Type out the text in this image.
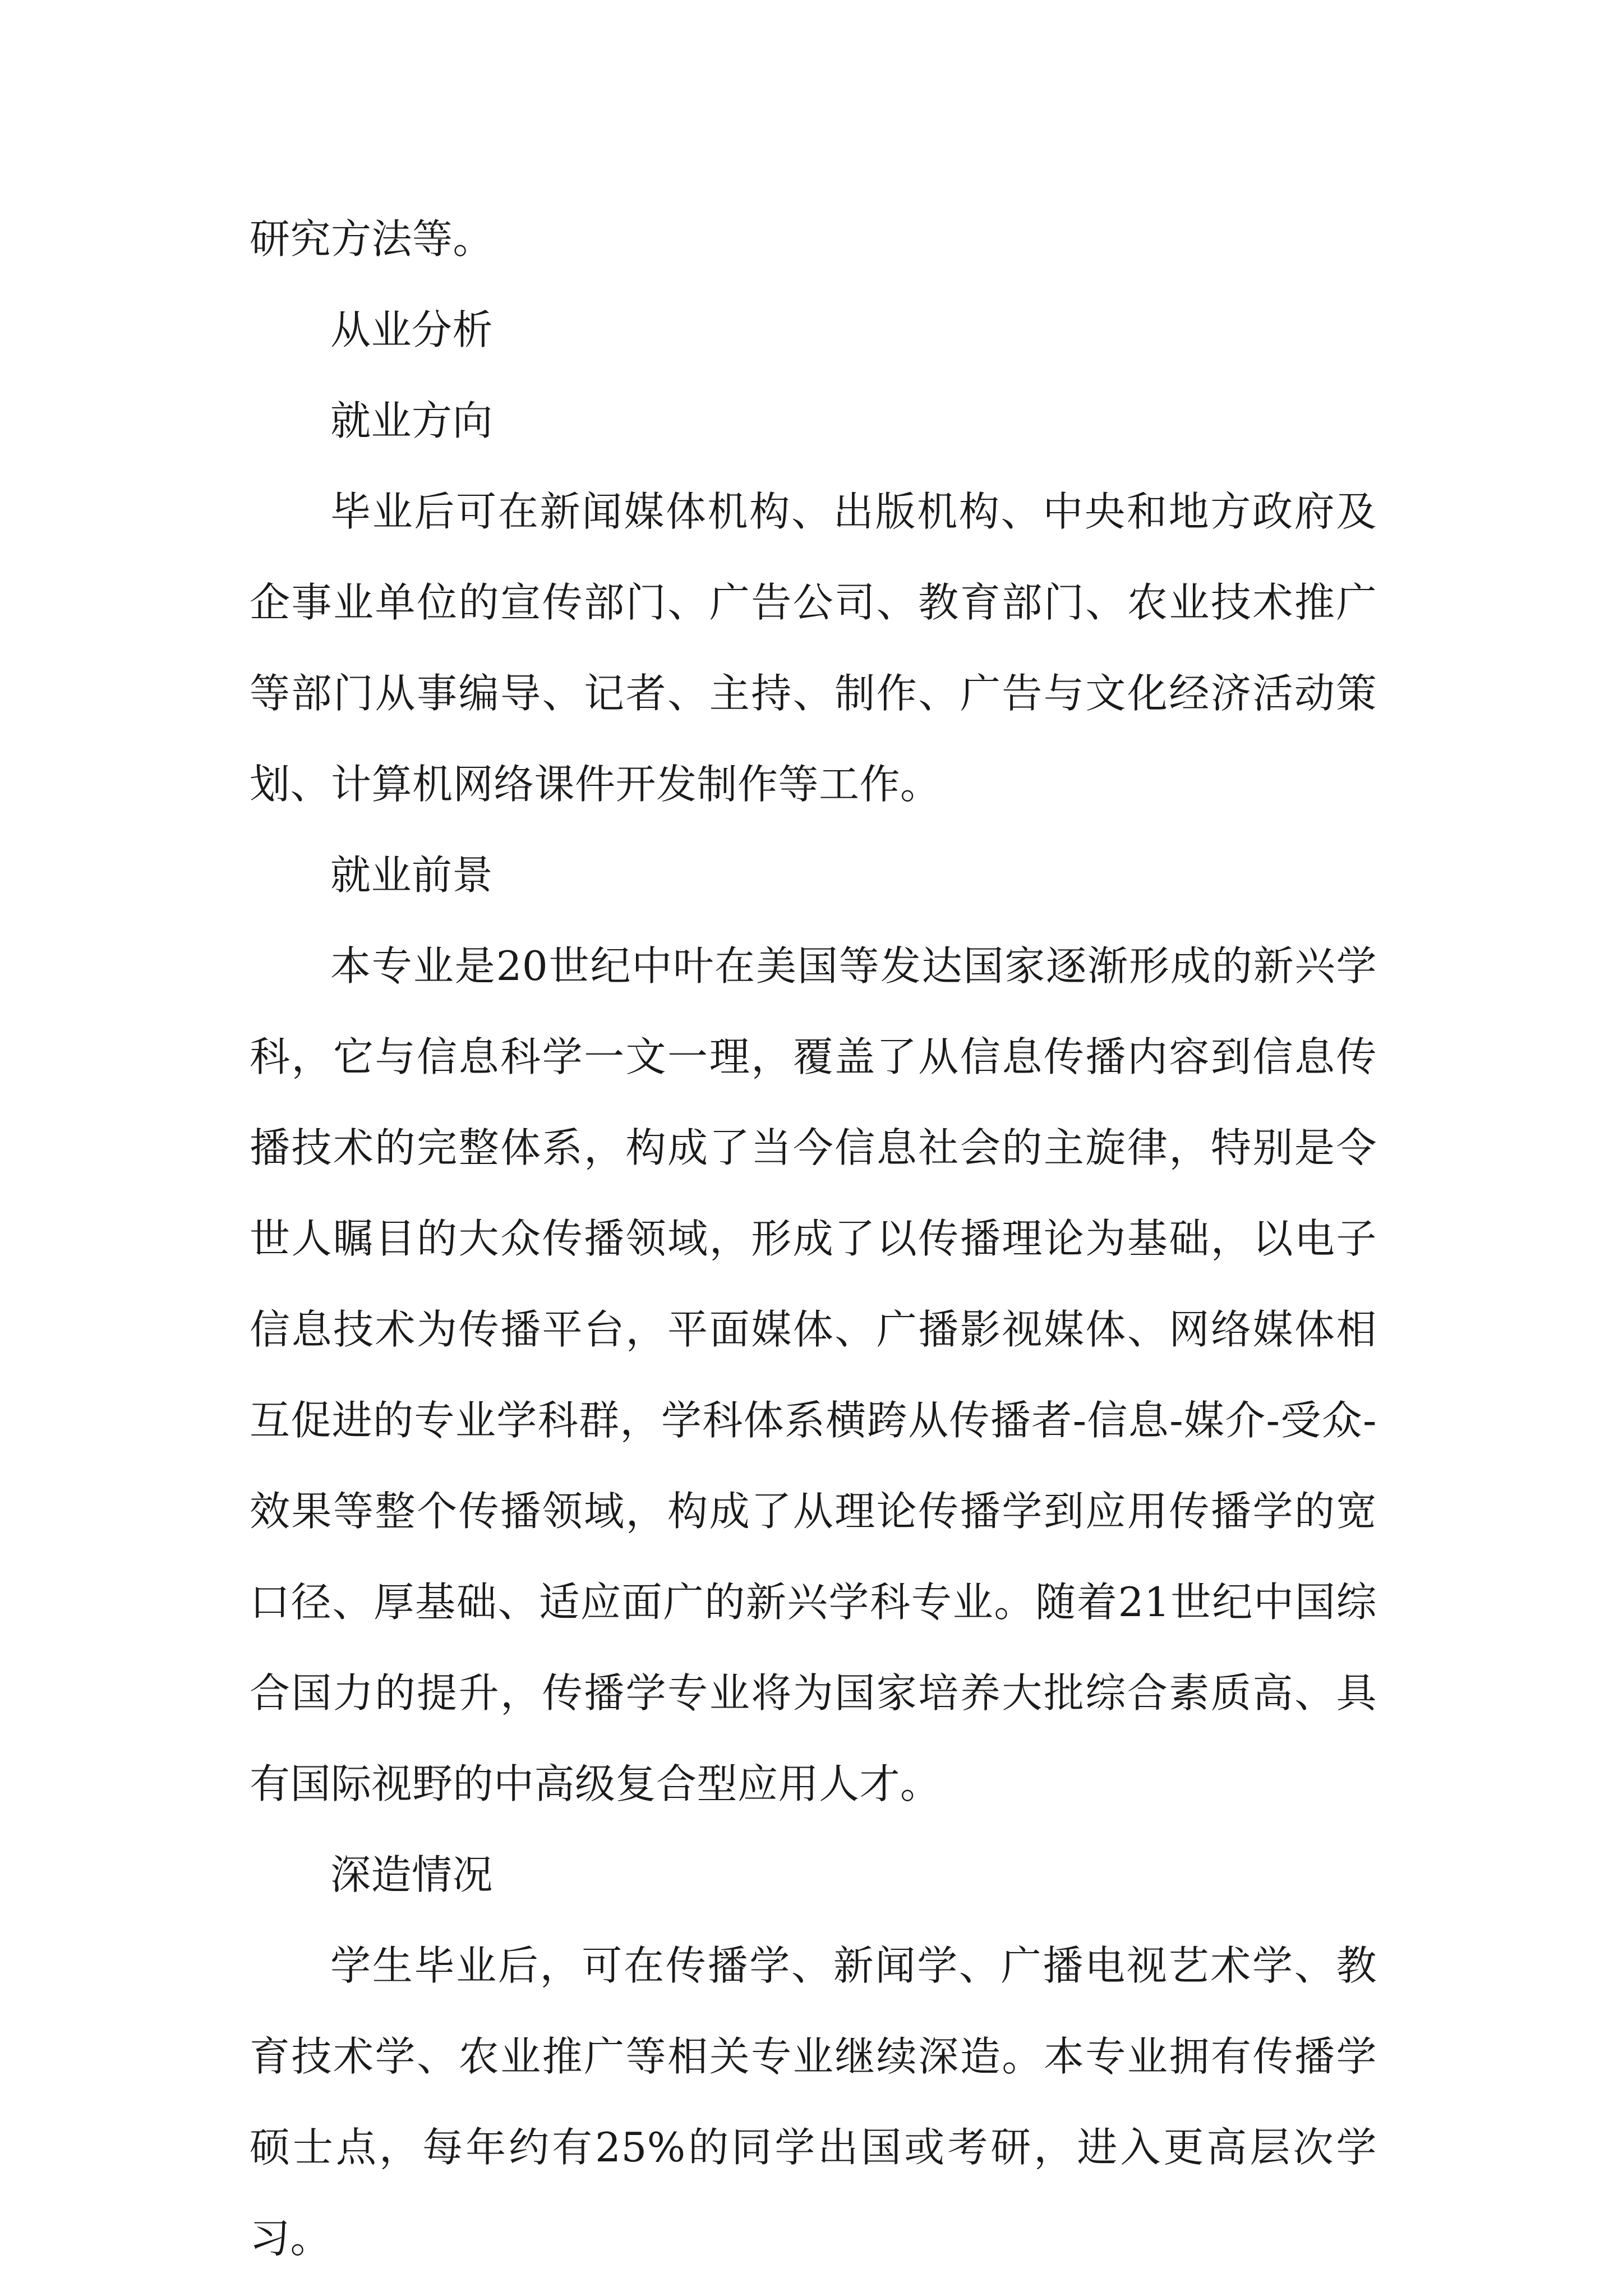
研究方法等。

从业分析

就业方向

毕业后可在新闻媒体机构、出版机构、中央和地方政府及企事业单位的宣传部门、广告公司、教育部门、农业技术推广等部门从事编导、记者、主持、制作、广告与文化经济活动策划、计算机网络课件开发制作等工作。

就业前景

本专业是20世纪中叶在美国等发达国家逐渐形成的新兴学科，它与信息科学一文一理，覆盖了从信息传播内容到信息传播技术的完整体系，构成了当今信息社会的主旋律，特别是令世人瞩目的大众传播领域，形成了以传播理论为基础，以电子信息技术为传播平台，平面媒体、广播影视媒体、网络媒体相互促进的专业学科群，学科体系横跨从传播者-信息-媒介-受众-效果等整个传播领域，构成了从理论传播学到应用传播学的宽口径、厚基础、适应面广的新兴学科专业。随着21世纪中国综合国力的提升，传播学专业将为国家培养大批综合素质高、具有国际视野的中高级复合型应用人才。

深造情况

学生毕业后，可在传播学、新闻学、广播电视艺术学、教育技术学、农业推广等相关专业继续深造。本专业拥有传播学硕士点，每年约有25%的同学出国或考研，进入更高层次学习。
